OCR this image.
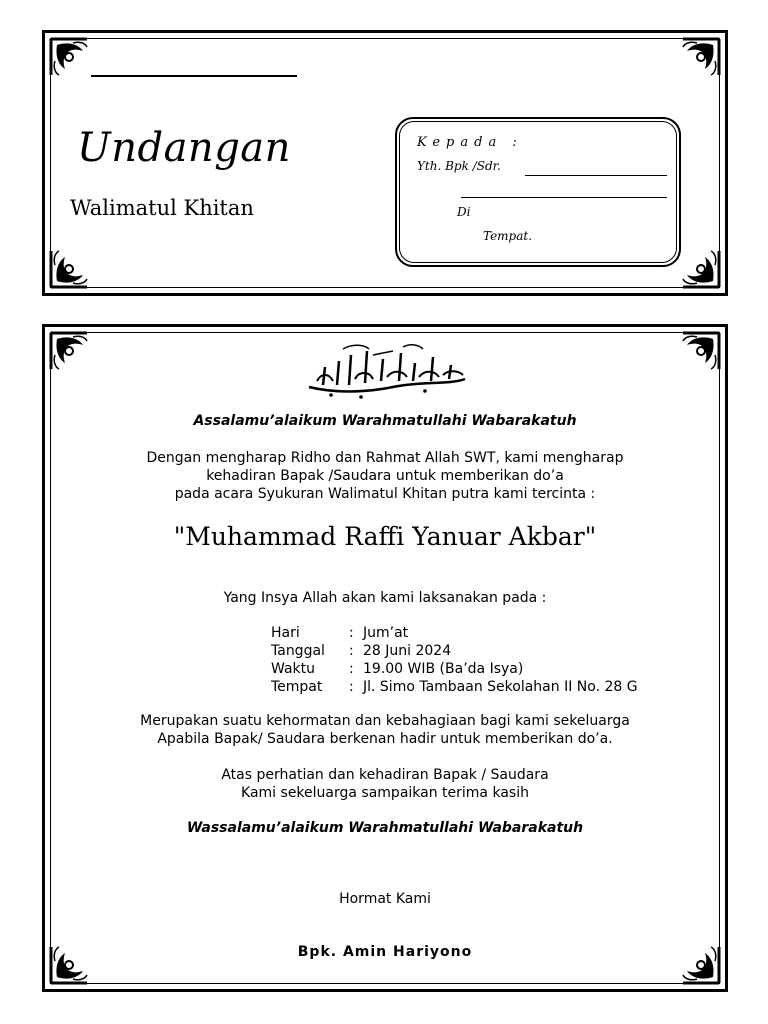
Undangan
Walimatul Khitan
Kepada :
Yth. Bpk /Sdr.
Di
Tempat.
Assalamu’alaikum Warahmatullahi Wabarakatuh
Dengan mengharap Ridho dan Rahmat Allah SWT, kami mengharap
kehadiran Bapak /Saudara untuk memberikan do’a
pada acara Syukuran Walimatul Khitan putra kami tercinta :
"Muhammad Raffi Yanuar Akbar"
Yang Insya Allah akan kami laksanakan pada :
Hari	: Jum’at
Tanggal	: 28 Juni 2024
Waktu	: 19.00 WIB (Ba’da Isya)
Tempat	: Jl. Simo Tambaan Sekolahan II No. 28 G
Merupakan suatu kehormatan dan kebahagiaan bagi kami sekeluarga
Apabila Bapak/ Saudara berkenan hadir untuk memberikan do’a.
Atas perhatian dan kehadiran Bapak / Saudara
Kami sekeluarga sampaikan terima kasih
Wassalamu’alaikum Warahmatullahi Wabarakatuh
Hormat Kami
Bpk. Amin Hariyono
